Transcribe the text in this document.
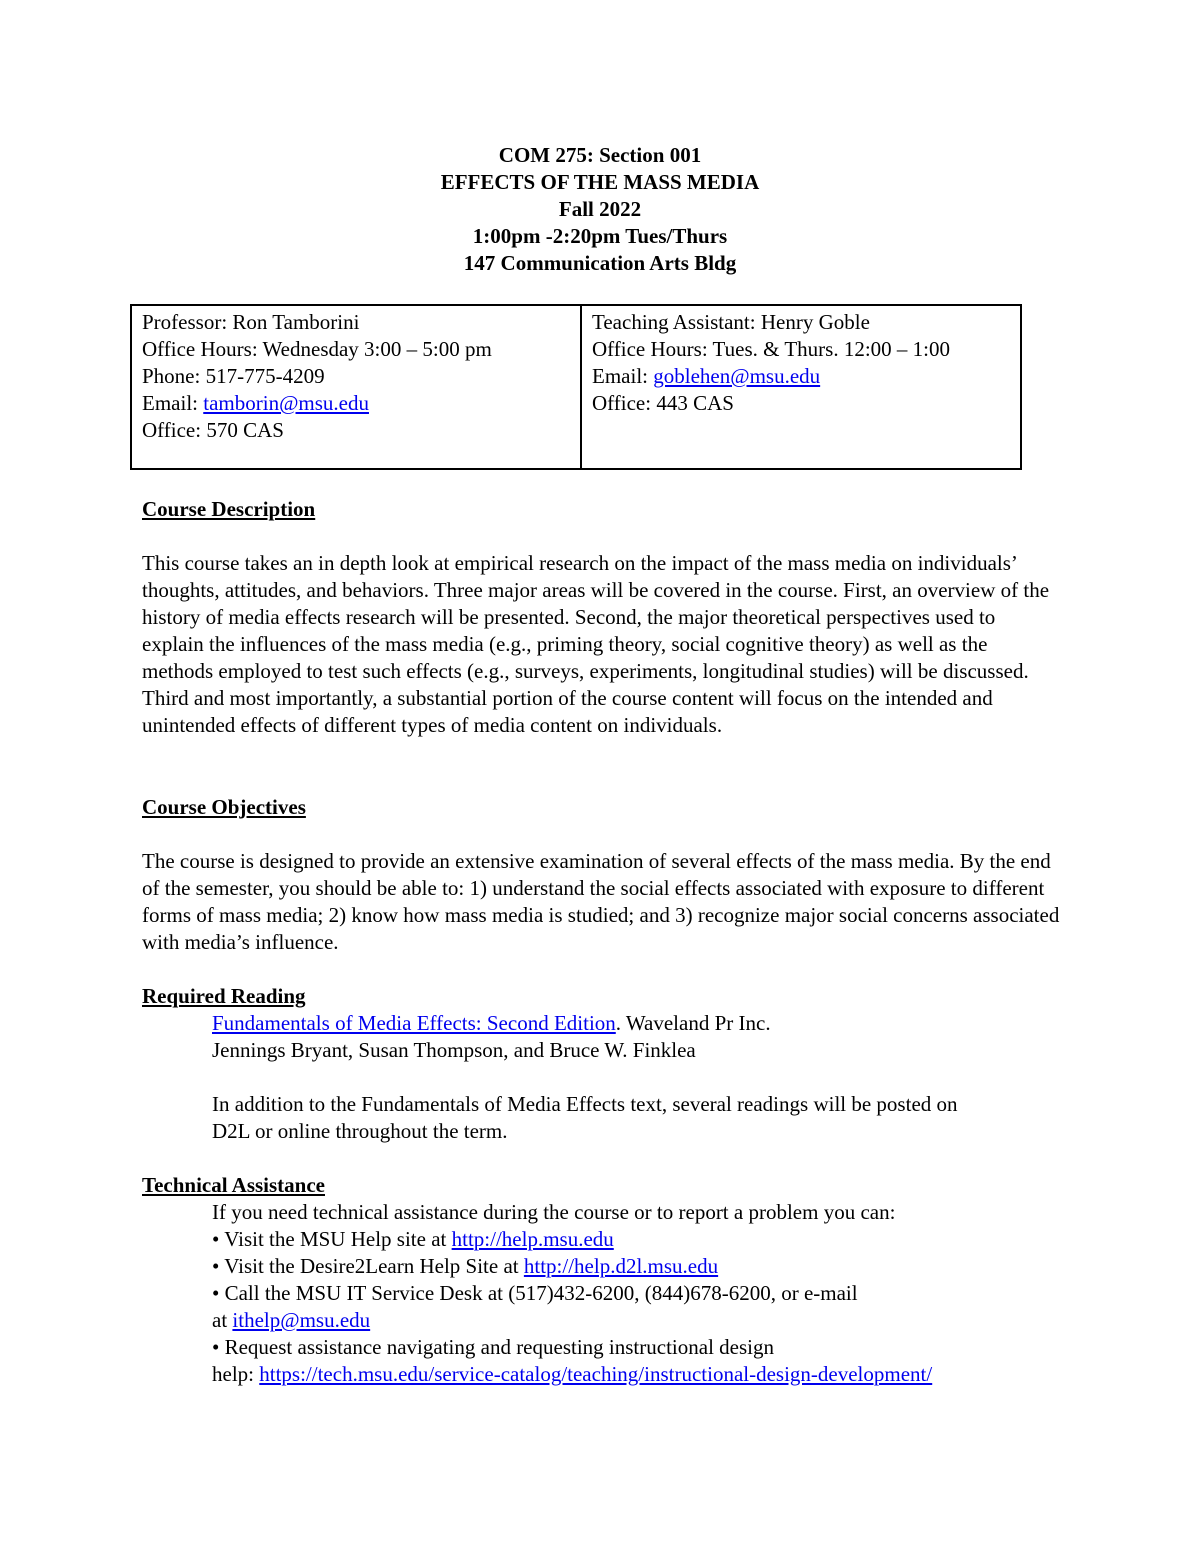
COM 275: Section 001
EFFECTS OF THE MASS MEDIA
Fall 2022
1:00pm -2:20pm Tues/Thurs
147 Communication Arts Bldg
Professor: Ron Tamborini
Office Hours: Wednesday 3:00 – 5:00 pm
Phone: 517-775-4209
Email: tamborin@msu.edu
Office: 570 CAS
Teaching Assistant: Henry Goble
Office Hours: Tues. & Thurs. 12:00 – 1:00
Email: goblehen@msu.edu
Office: 443 CAS
Course Description
This course takes an in depth look at empirical research on the impact of the mass media on individuals’ thoughts, attitudes, and behaviors. Three major areas will be covered in the course. First, an overview of the history of media effects research will be presented. Second, the major theoretical perspectives used to explain the influences of the mass media (e.g., priming theory, social cognitive theory) as well as the methods employed to test such effects (e.g., surveys, experiments, longitudinal studies) will be discussed. Third and most importantly, a substantial portion of the course content will focus on the intended and unintended effects of different types of media content on individuals.
Course Objectives
The course is designed to provide an extensive examination of several effects of the mass media. By the end of the semester, you should be able to: 1) understand the social effects associated with exposure to different forms of mass media; 2) know how mass media is studied; and 3) recognize major social concerns associated with media’s influence.
Required Reading
Fundamentals of Media Effects: Second Edition. Waveland Pr Inc.
Jennings Bryant, Susan Thompson, and Bruce W. Finklea
In addition to the Fundamentals of Media Effects text, several readings will be posted on
D2L or online throughout the term.
Technical Assistance
If you need technical assistance during the course or to report a problem you can:
• Visit the MSU Help site at http://help.msu.edu
• Visit the Desire2Learn Help Site at http://help.d2l.msu.edu
• Call the MSU IT Service Desk at (517)432-6200, (844)678-6200, or e-mail
at ithelp@msu.edu
• Request assistance navigating and requesting instructional design
help: https://tech.msu.edu/service-catalog/teaching/instructional-design-development/
